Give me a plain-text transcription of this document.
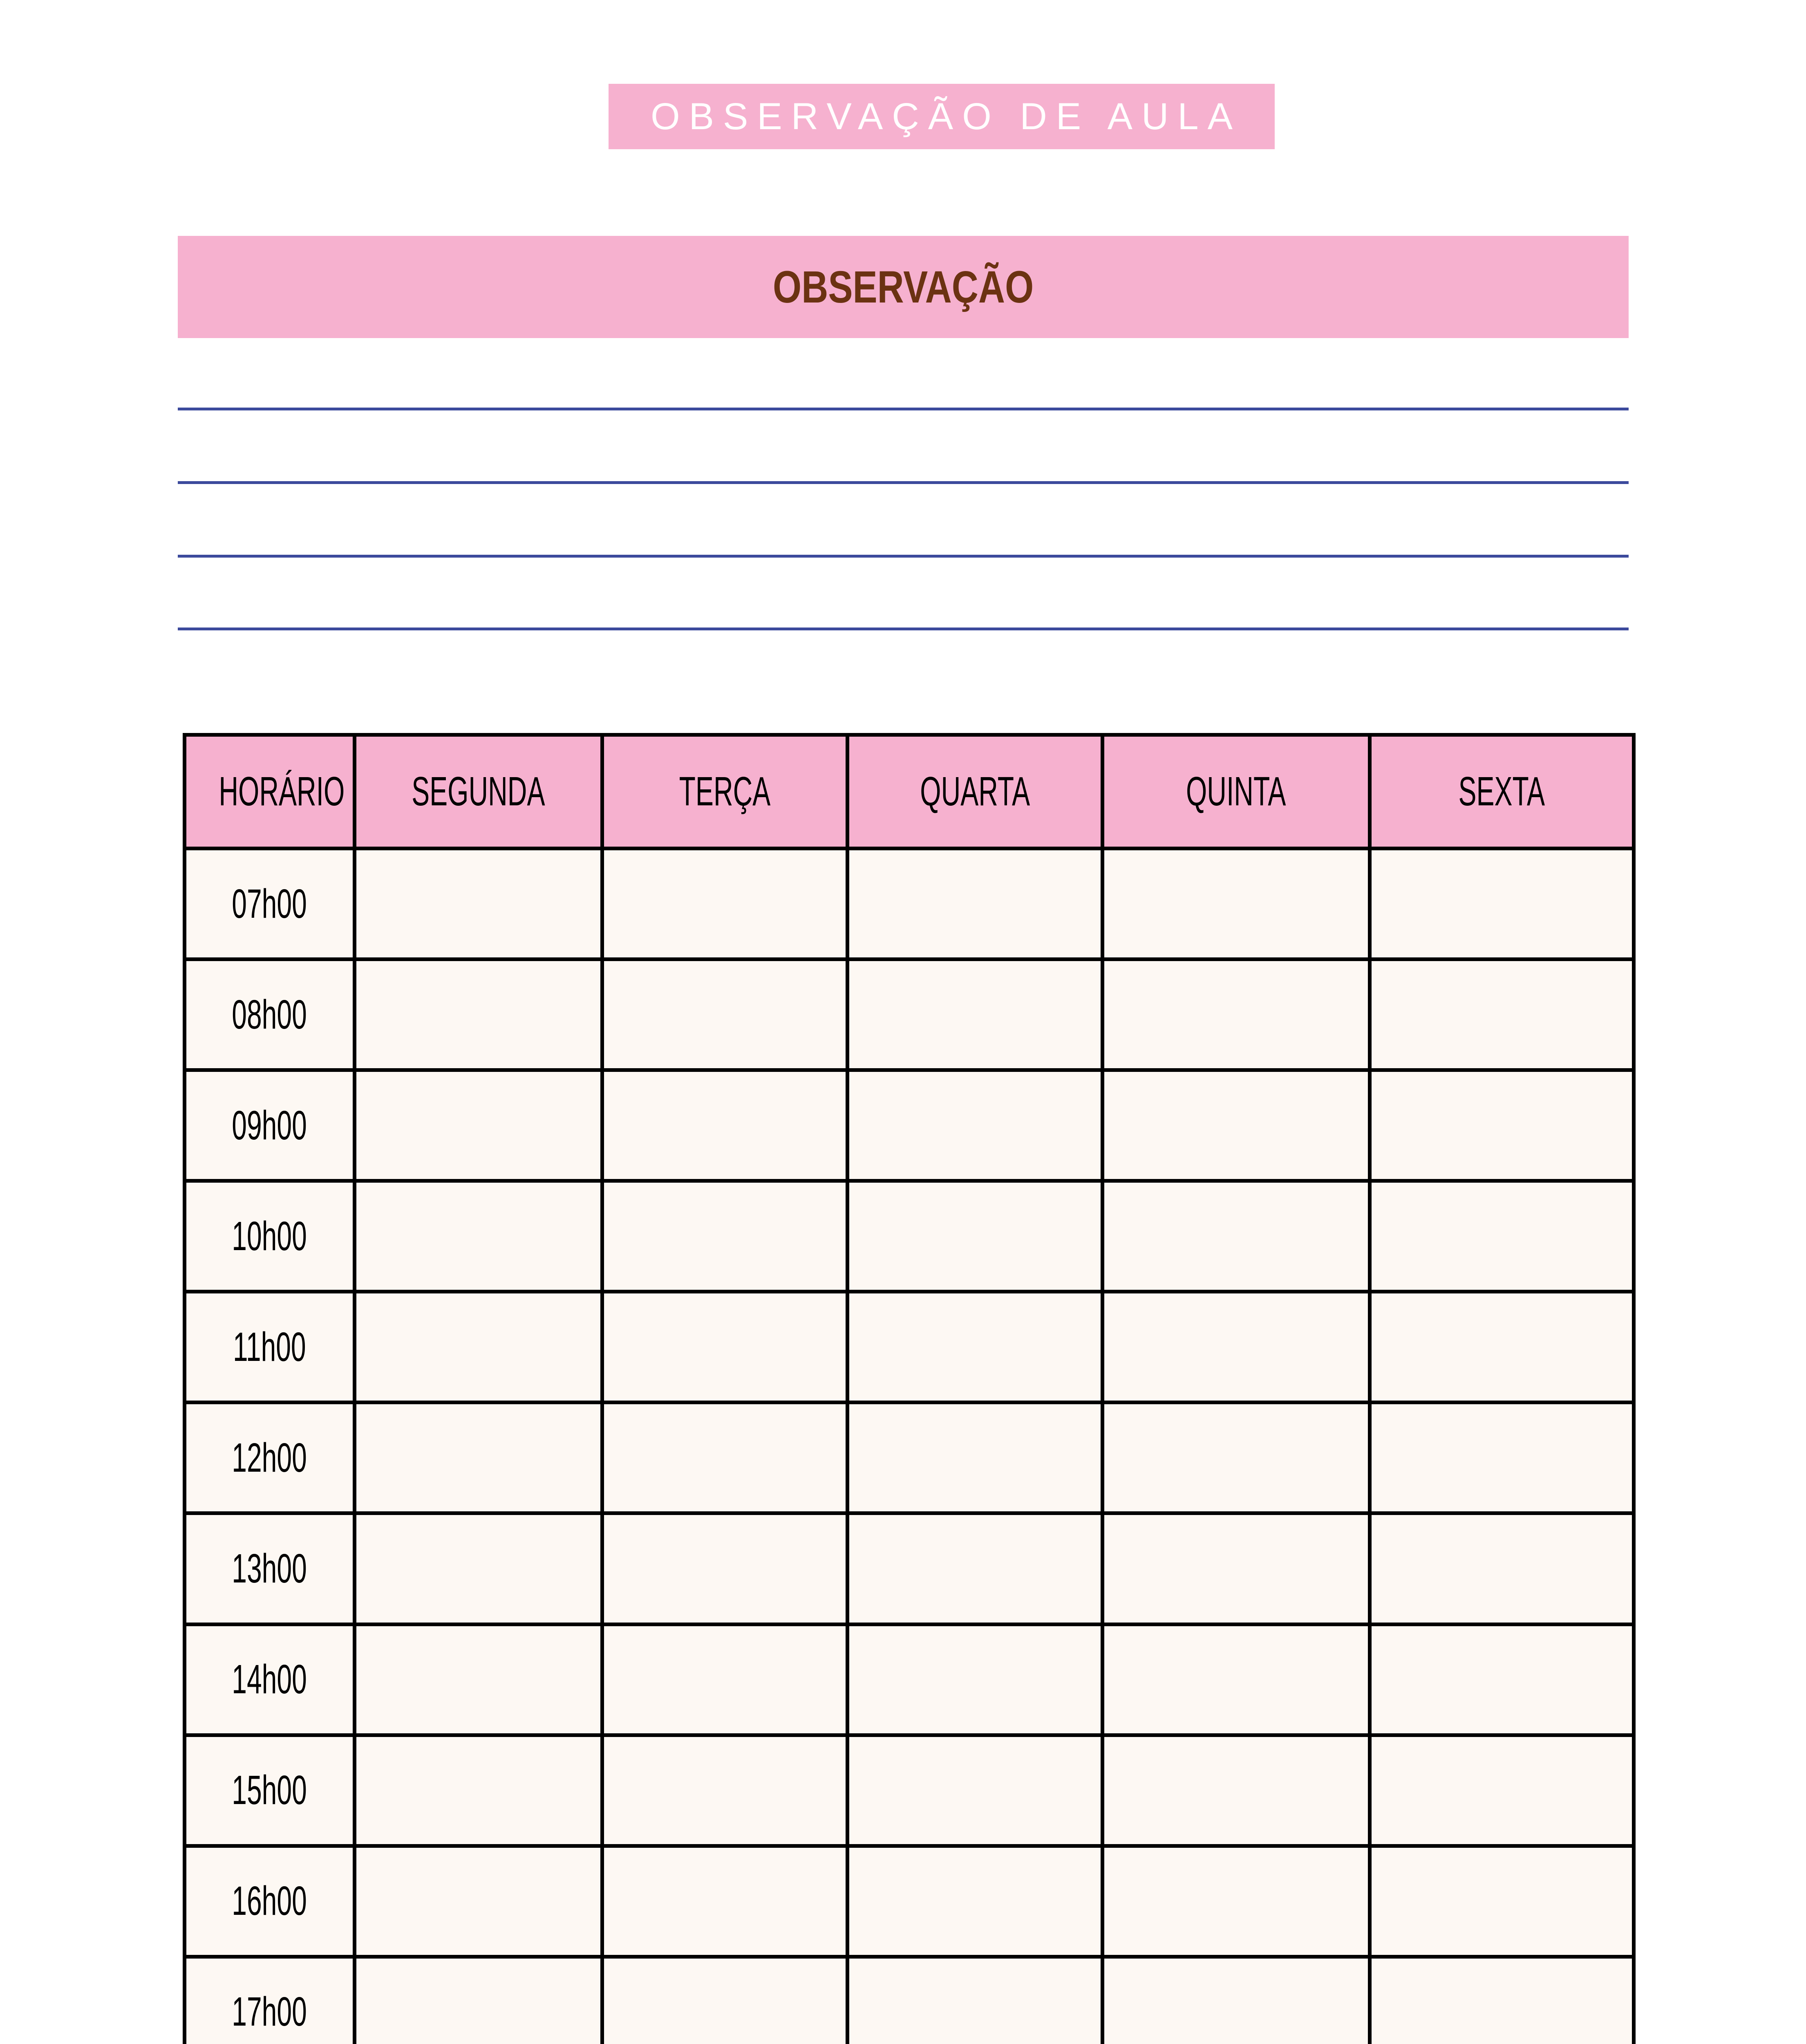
OBSERVAÇÃO DE AULA
OBSERVAÇÃO
HORÁRIO	SEGUNDA	TERÇA	QUARTA	QUINTA	SEXTA
07h00					
08h00					
09h00					
10h00					
11h00					
12h00					
13h00					
14h00					
15h00					
16h00					
17h00					
